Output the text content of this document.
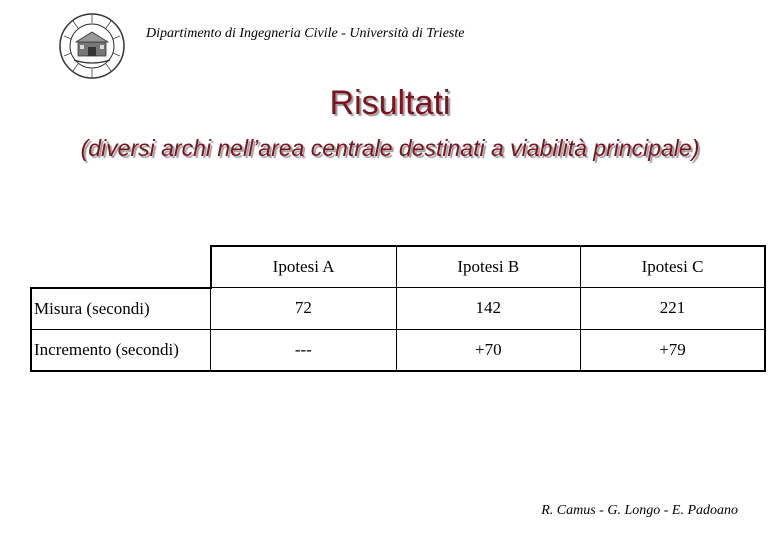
Dipartimento di Ingegneria Civile - Università di Trieste
Risultati
(diversi archi nell’area centrale destinati a viabilità principale)
	Ipotesi A	Ipotesi B	Ipotesi C
Misura (secondi)	72	142	221
Incremento (secondi)	---	+70	+79
R. Camus - G. Longo - E. Padoano
